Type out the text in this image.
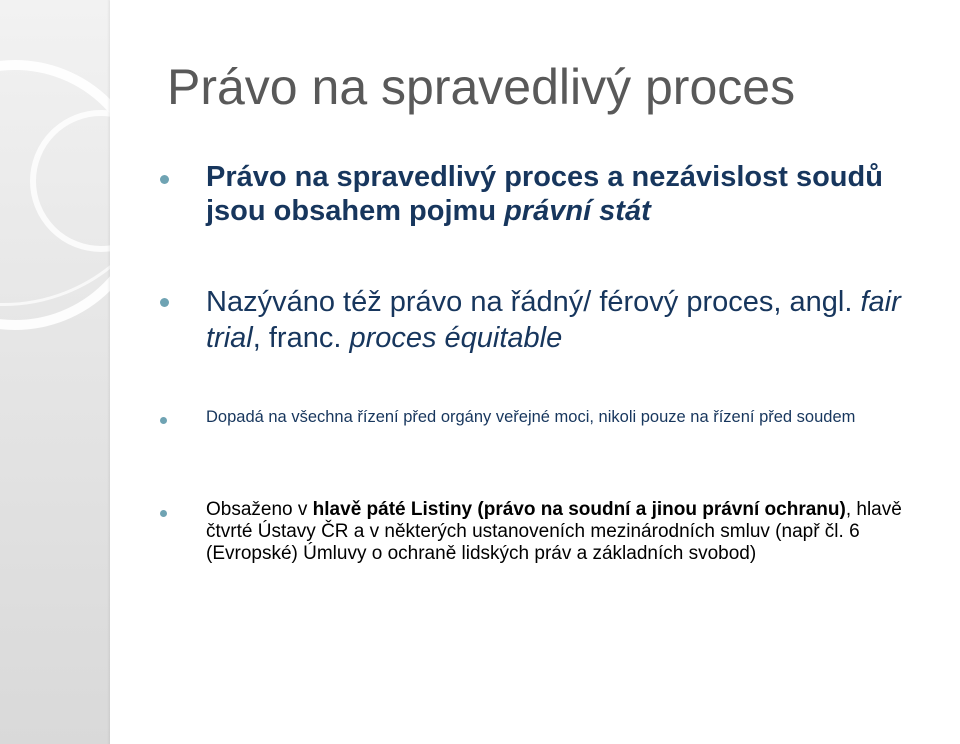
Právo na spravedlivý proces
Právo na spravedlivý proces a nezávislost soudů jsou obsahem pojmu právní stát
Nazýváno též právo na řádný/ férový proces, angl. fair trial, franc. proces équitable
Dopadá na všechna řízení před orgány veřejné moci, nikoli pouze na řízení před soudem
Obsaženo v hlavě páté Listiny (právo na soudní a jinou právní ochranu), hlavě čtvrté Ústavy ČR a v některých ustanoveních mezinárodních smluv (např čl. 6 (Evropské) Úmluvy o ochraně lidských práv a základních svobod)
